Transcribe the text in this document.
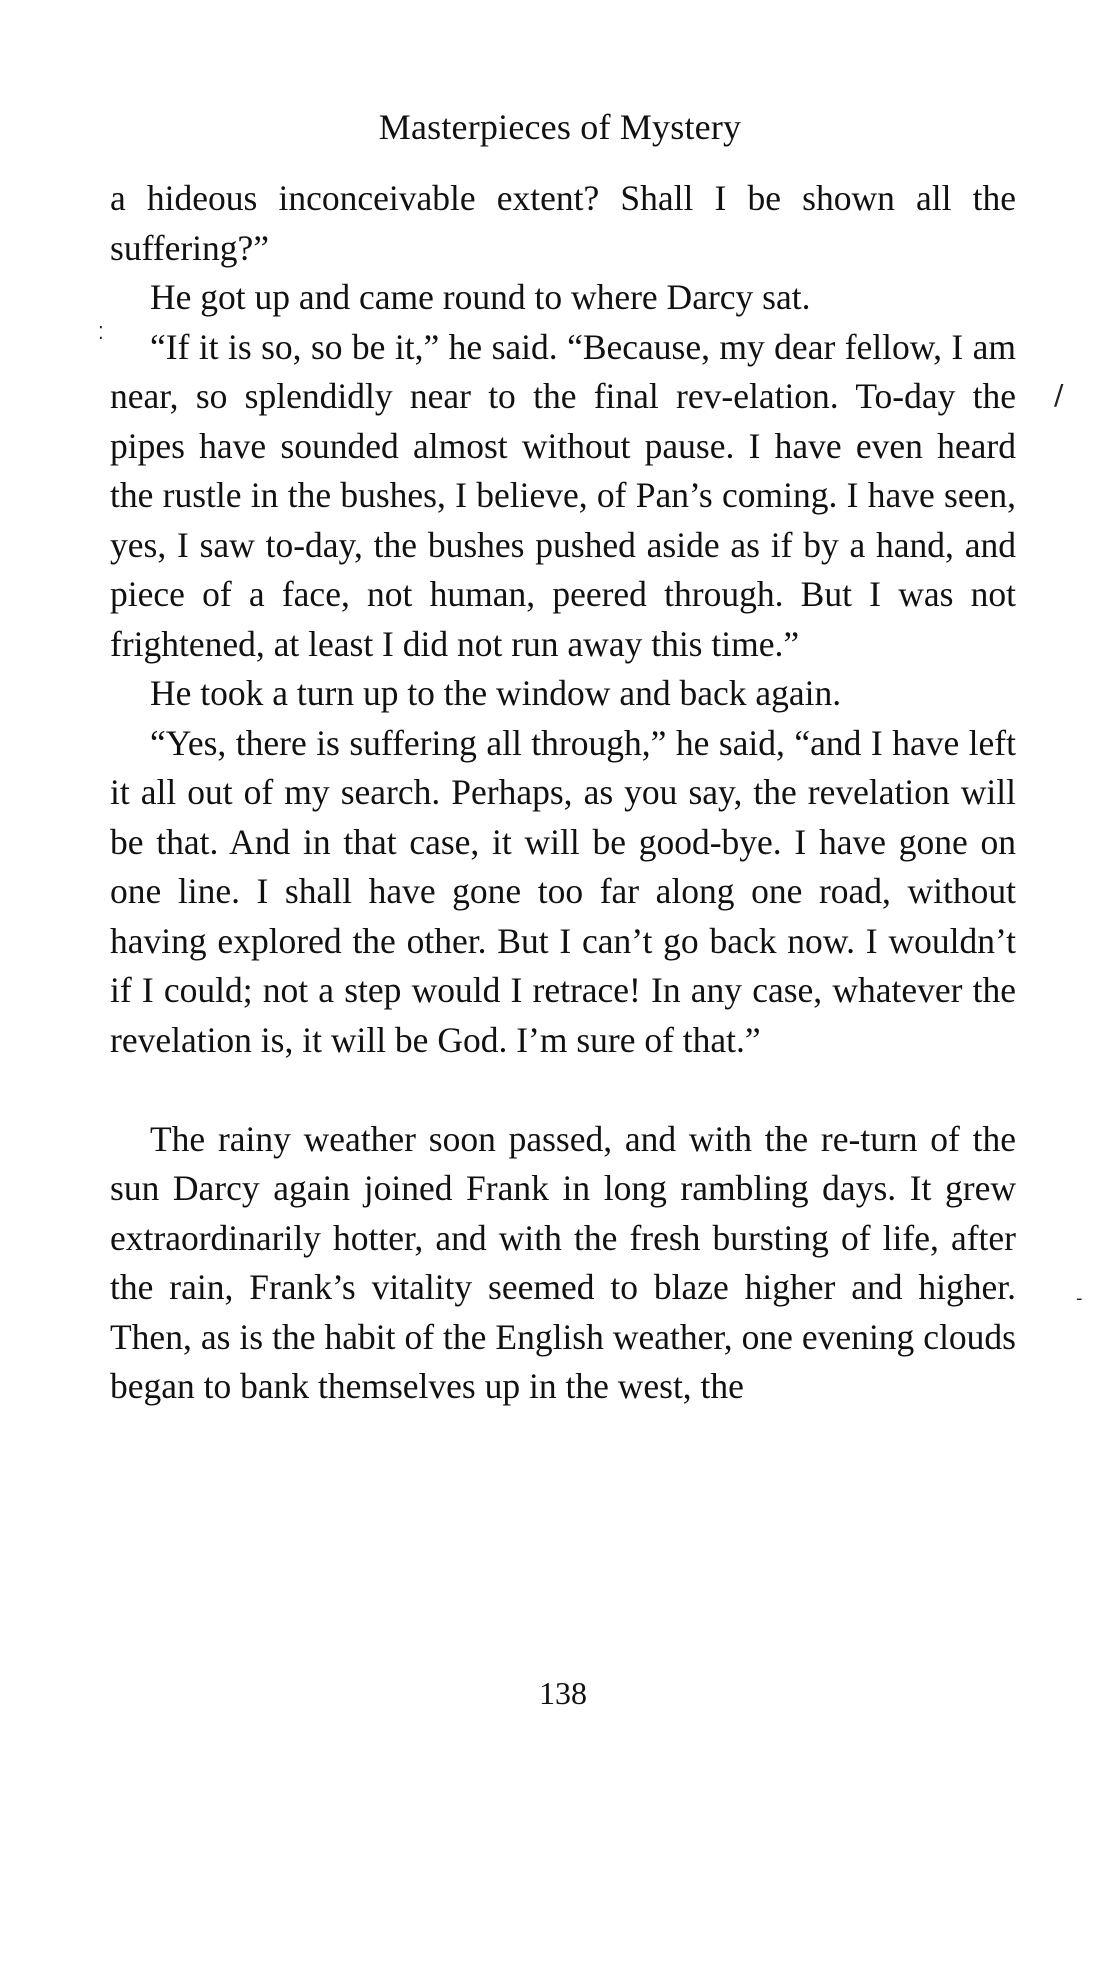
Masterpieces of Mystery

a hideous inconceivable extent? Shall I be shown all the suffering?”

He got up and came round to where Darcy sat.

“If it is so, so be it,” he said. “Because, my dear fellow, I am near, so splendidly near to the final rev-elation. To-day the pipes have sounded almost without pause. I have even heard the rustle in the bushes, I believe, of Pan’s coming. I have seen, yes, I saw to-day, the bushes pushed aside as if by a hand, and piece of a face, not human, peered through. But I was not frightened, at least I did not run away this time.”

He took a turn up to the window and back again.

“Yes, there is suffering all through,” he said, “and I have left it all out of my search. Perhaps, as you say, the revelation will be that. And in that case, it will be good-bye. I have gone on one line. I shall have gone too far along one road, without having explored the other. But I can’t go back now. I wouldn’t if I could; not a step would I retrace! In any case, whatever the revelation is, it will be God. I’m sure of that.”

The rainy weather soon passed, and with the re-turn of the sun Darcy again joined Frank in long rambling days. It grew extraordinarily hotter, and with the fresh bursting of life, after the rain, Frank’s vitality seemed to blaze higher and higher. Then, as is the habit of the English weather, one evening clouds began to bank themselves up in the west, the

138
/
⁚
-
